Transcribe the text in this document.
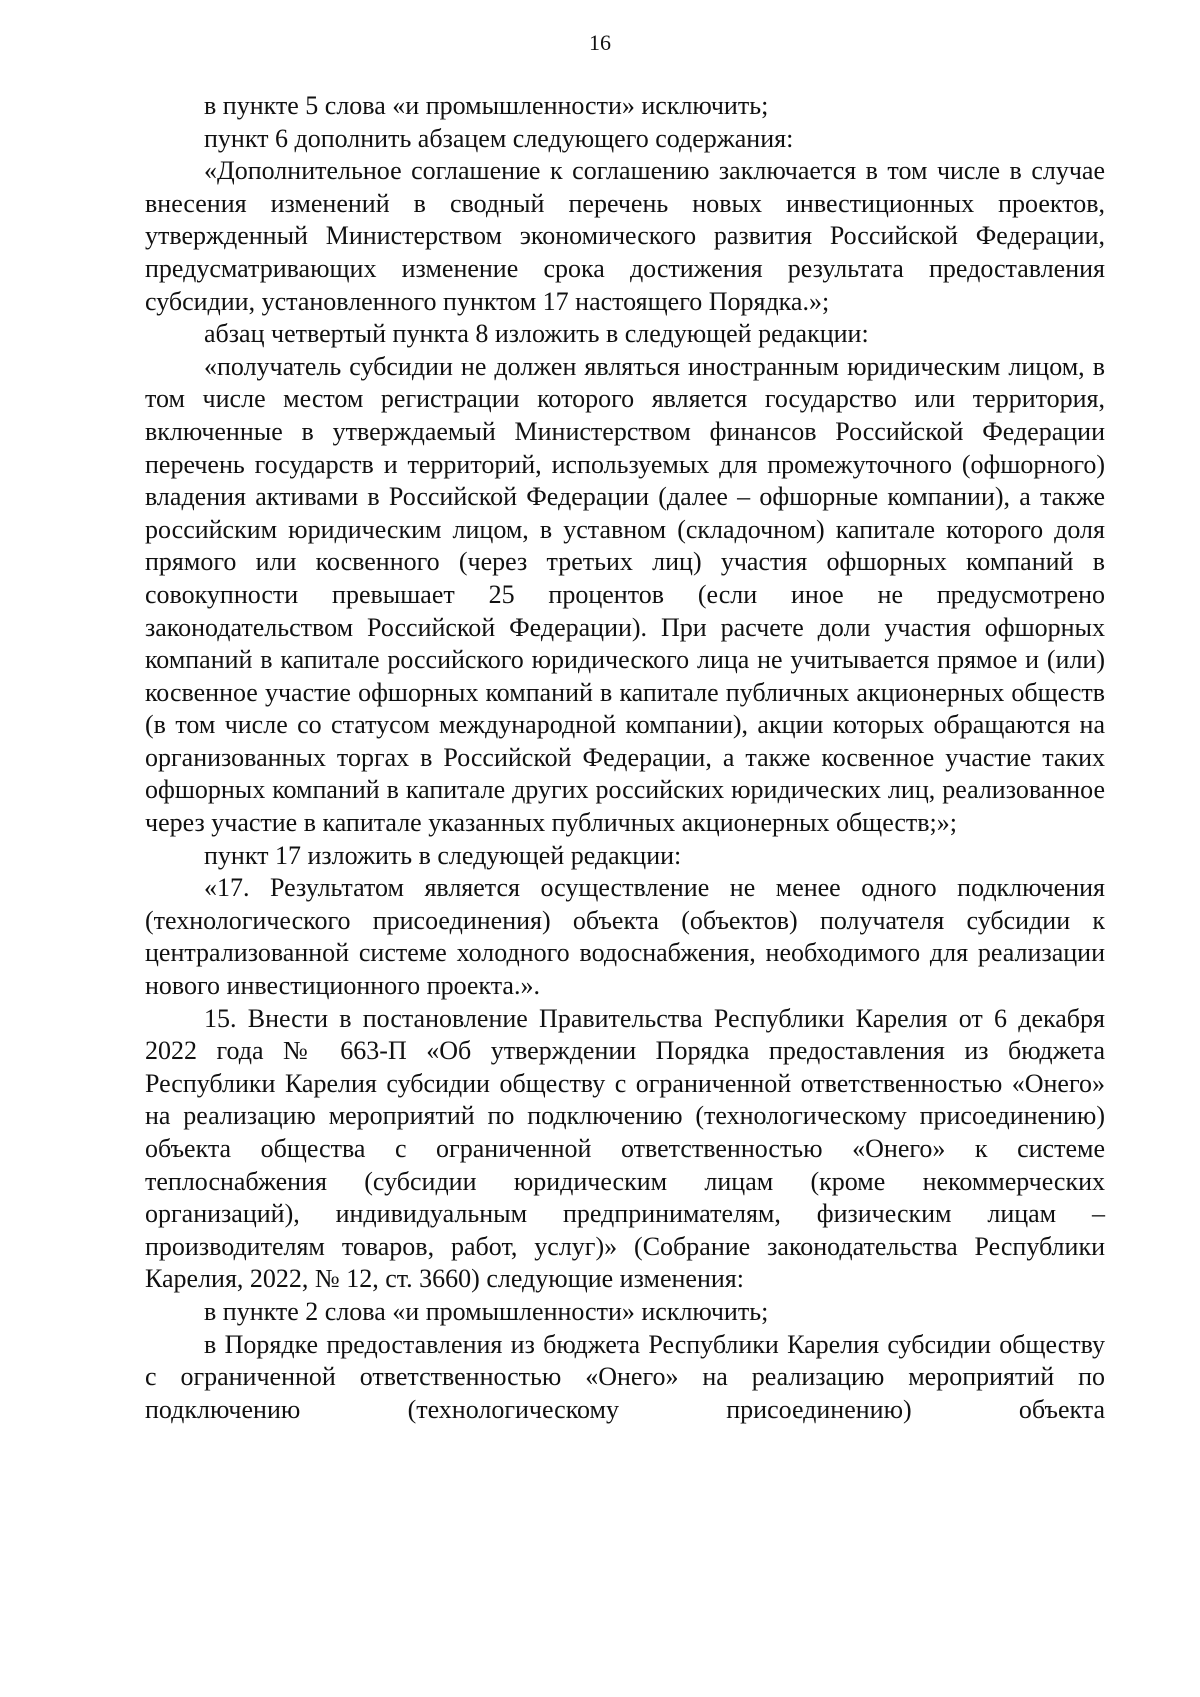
16

в пункте 5 слова «и промышленности» исключить;

пункт 6 дополнить абзацем следующего содержания:

«Дополнительное соглашение к соглашению заключается в том числе в случае внесения изменений в сводный перечень новых инвестиционных проектов, утвержденный Министерством экономического развития Российской Федерации, предусматривающих изменение срока достижения результата предоставления субсидии, установленного пунктом 17 настоящего Порядка.»;

абзац четвертый пункта 8 изложить в следующей редакции:

«получатель субсидии не должен являться иностранным юридическим лицом, в том числе местом регистрации которого является государство или территория, включенные в утверждаемый Министерством финансов Российской Федерации перечень государств и территорий, используемых для промежуточного (офшорного) владения активами в Российской Федерации (далее – офшорные компании), а также российским юридическим лицом, в уставном (складочном) капитале которого доля прямого или косвенного (через третьих лиц) участия офшорных компаний в совокупности превышает 25 процентов (если иное не предусмотрено законодательством Российской Федерации). При расчете доли участия офшорных компаний в капитале российского юридического лица не учитывается прямое и (или) косвенное участие офшорных компаний в капитале публичных акционерных обществ (в том числе со статусом международной компании), акции которых обращаются на организованных торгах в Российской Федерации, а также косвенное участие таких офшорных компаний в капитале других российских юридических лиц, реализованное через участие в капитале указанных публичных акционерных обществ;»;

пункт 17 изложить в следующей редакции:

«17. Результатом является осуществление не менее одного подключения (технологического присоединения) объекта (объектов) получателя субсидии к централизованной системе холодного водоснабжения, необходимого для реализации нового инвестиционного проекта.».

15. Внести в постановление Правительства Республики Карелия от 6 декабря 2022 года № 663-П «Об утверждении Порядка предоставления из бюджета Республики Карелия субсидии обществу с ограниченной ответственностью «Онего» на реализацию мероприятий по подключению (технологическому присоединению) объекта общества с ограниченной ответственностью «Онего» к системе теплоснабжения (субсидии юридическим лицам (кроме некоммерческих организаций), индивидуальным предпринимателям, физическим лицам – производителям товаров, работ, услуг)» (Собрание законодательства Республики Карелия, 2022, № 12, ст. 3660) следующие изменения:

в пункте 2 слова «и промышленности» исключить;

в Порядке предоставления из бюджета Республики Карелия субсидии обществу с ограниченной ответственностью «Онего» на реализацию мероприятий по подключению (технологическому присоединению) объекта
